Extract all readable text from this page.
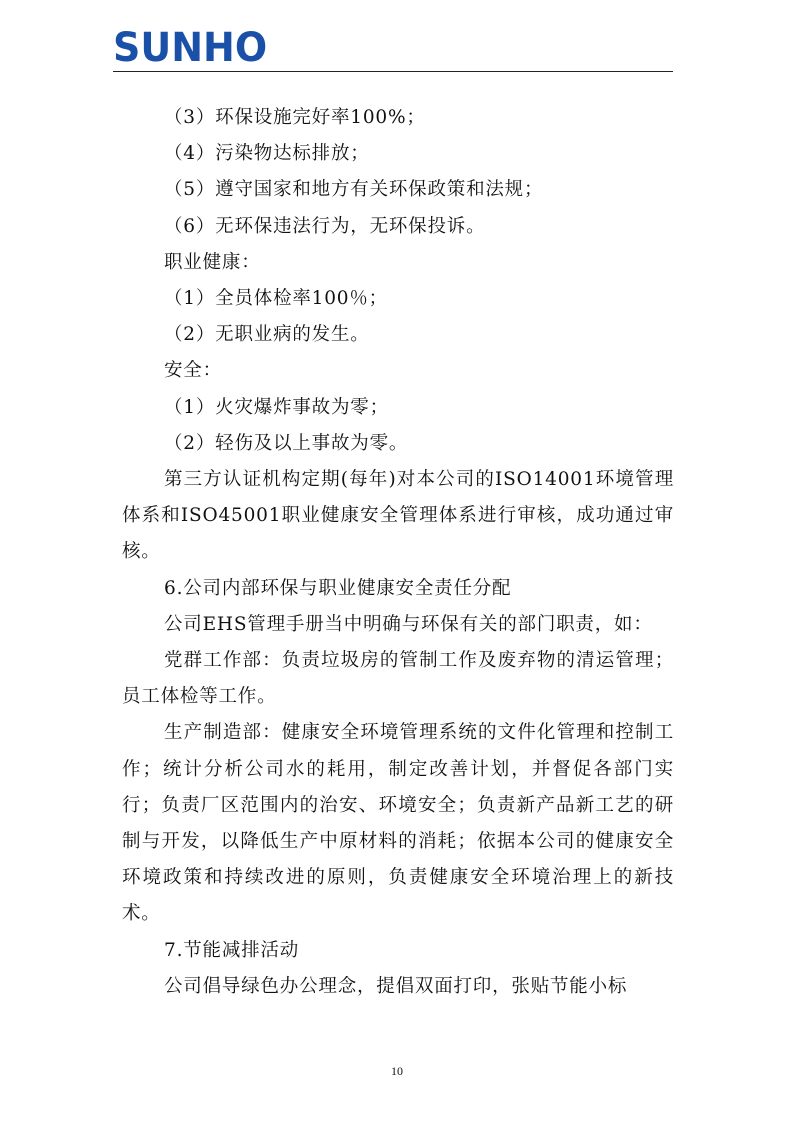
SUNHO

（3）环保设施完好率100%；

（4）污染物达标排放；

（5）遵守国家和地方有关环保政策和法规；

（6）无环保违法行为，无环保投诉。

职业健康：

（1）全员体检率100％；

（2）无职业病的发生。

安全：

（1）火灾爆炸事故为零；

（2）轻伤及以上事故为零。

第三方认证机构定期(每年)对本公司的ISO14001环境管理体系和ISO45001职业健康安全管理体系进行审核，成功通过审核。

6.公司内部环保与职业健康安全责任分配

公司EHS管理手册当中明确与环保有关的部门职责，如：

党群工作部：负责垃圾房的管制工作及废弃物的清运管理；员工体检等工作。

生产制造部：健康安全环境管理系统的文件化管理和控制工作；统计分析公司水的耗用，制定改善计划，并督促各部门实行；负责厂区范围内的治安、环境安全；负责新产品新工艺的研制与开发，以降低生产中原材料的消耗；依据本公司的健康安全环境政策和持续改进的原则，负责健康安全环境治理上的新技术。

7.节能减排活动

公司倡导绿色办公理念，提倡双面打印，张贴节能小标

10
